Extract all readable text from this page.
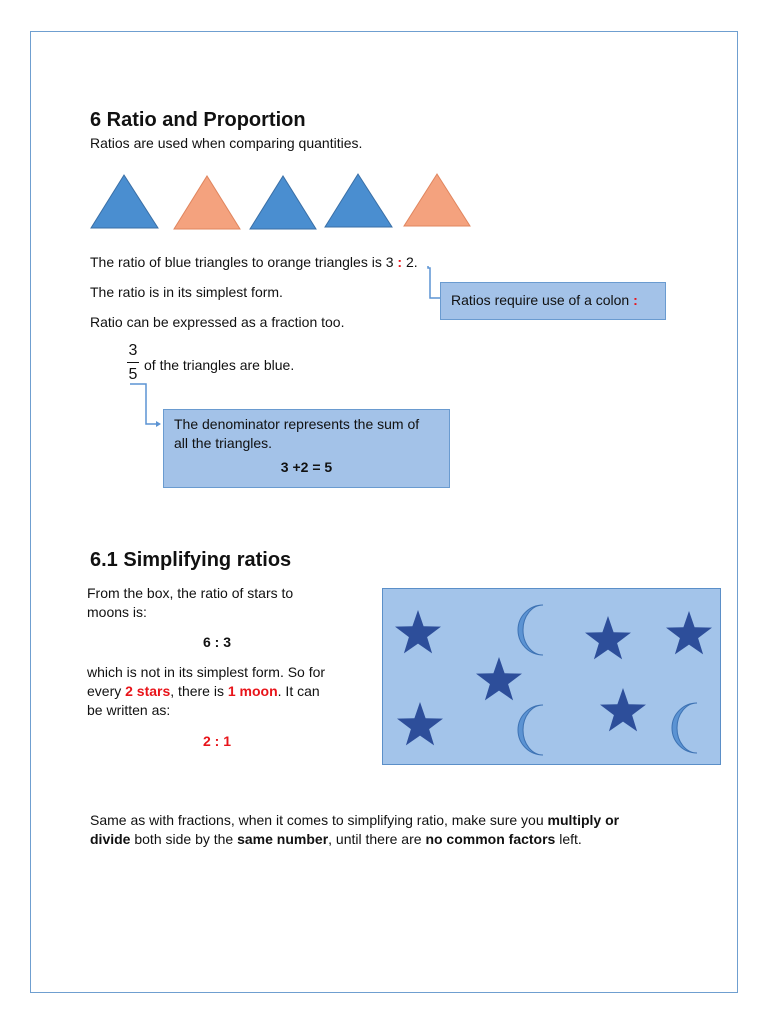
6 Ratio and Proportion
Ratios are used when comparing quantities.
The ratio of blue triangles to orange triangles is 3 : 2.
The ratio is in its simplest form.
Ratio can be expressed as a fraction too.
Ratios require use of a colon :
3
5
of the triangles are blue.
The denominator represents the sum of
all the triangles.
3 +2 = 5
6.1 Simplifying ratios
From the box, the ratio of stars to
moons is:
6 : 3
which is not in its simplest form. So for
every 2 stars, there is 1 moon. It can
be written as:
2 : 1
Same as with fractions, when it comes to simplifying ratio, make sure you multiply or
divide both side by the same number, until there are no common factors left.
